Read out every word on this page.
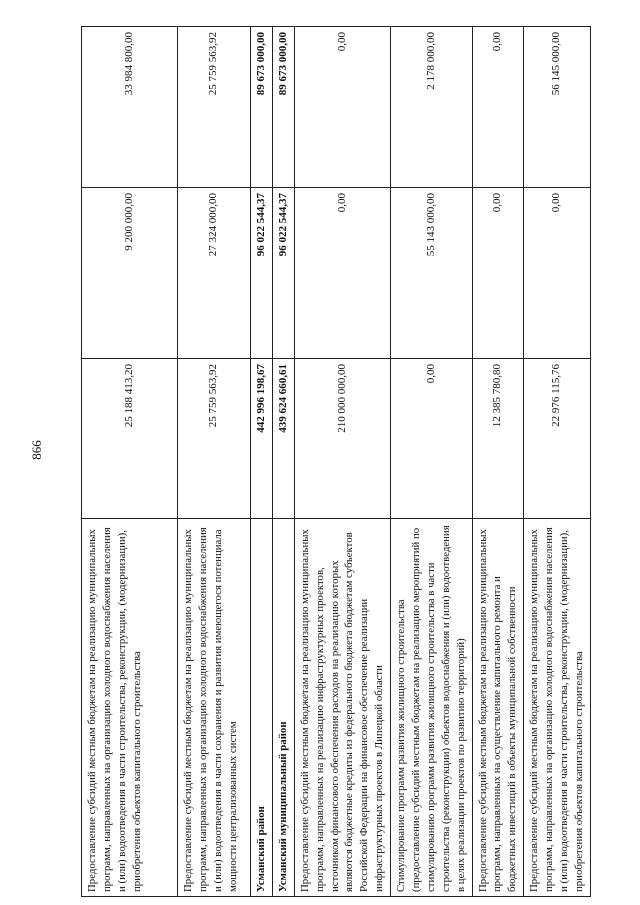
866
Предоставление субсидий местным бюджетам на реализацию муниципальных программ, направленных на организацию холодного водоснабжения населения и (или) водоотведения в части строительства, реконструкции, (модернизации), приобретения объектов капитального строительства	25 188 413,20	9 200 000,00	33 984 800,00
Предоставление субсидий местным бюджетам на реализацию муниципальных программ, направленных на организацию холодного водоснабжения населения и (или) водоотведения в части сохранения и развития имеющегося потенциала мощности централизованных систем	25 759 563,92	27 324 000,00	25 759 563,92
Усманский район	442 996 198,67	96 022 544,37	89 673 000,00
Усманский муниципальный район	439 624 660,61	96 022 544,37	89 673 000,00
Предоставление субсидий местным бюджетам на реализацию муниципальных программ, направленных на реализацию инфраструктурных проектов, источником финансового обеспечения расходов на реализацию которых являются бюджетные кредиты из федерального бюджета бюджетам субъектов Российской Федерации на финансовое обеспечение реализации инфраструктурных проектов в Липецкой области	210 000 000,00	0,00	0,00
Стимулирование программ развития жилищного строительства (предоставление субсидий местным бюджетам на реализацию мероприятий по стимулированию программ развития жилищного строительства в части строительства (реконструкции) объектов водоснабжения и (или) водоотведения в целях реализации проектов по развитию территорий)	0,00	55 143 000,00	2 178 000,00
Предоставление субсидий местным бюджетам на реализацию муниципальных программ, направленных на осуществление капитального ремонта и бюджетных инвестиций в объекты муниципальной собственности	12 385 780,80	0,00	0,00
Предоставление субсидий местным бюджетам на реализацию муниципальных программ, направленных на организацию холодного водоснабжения населения и (или) водоотведения в части строительства, реконструкции, (модернизации), приобретения объектов капитального строительства	22 976 115,76	0,00	56 145 000,00
